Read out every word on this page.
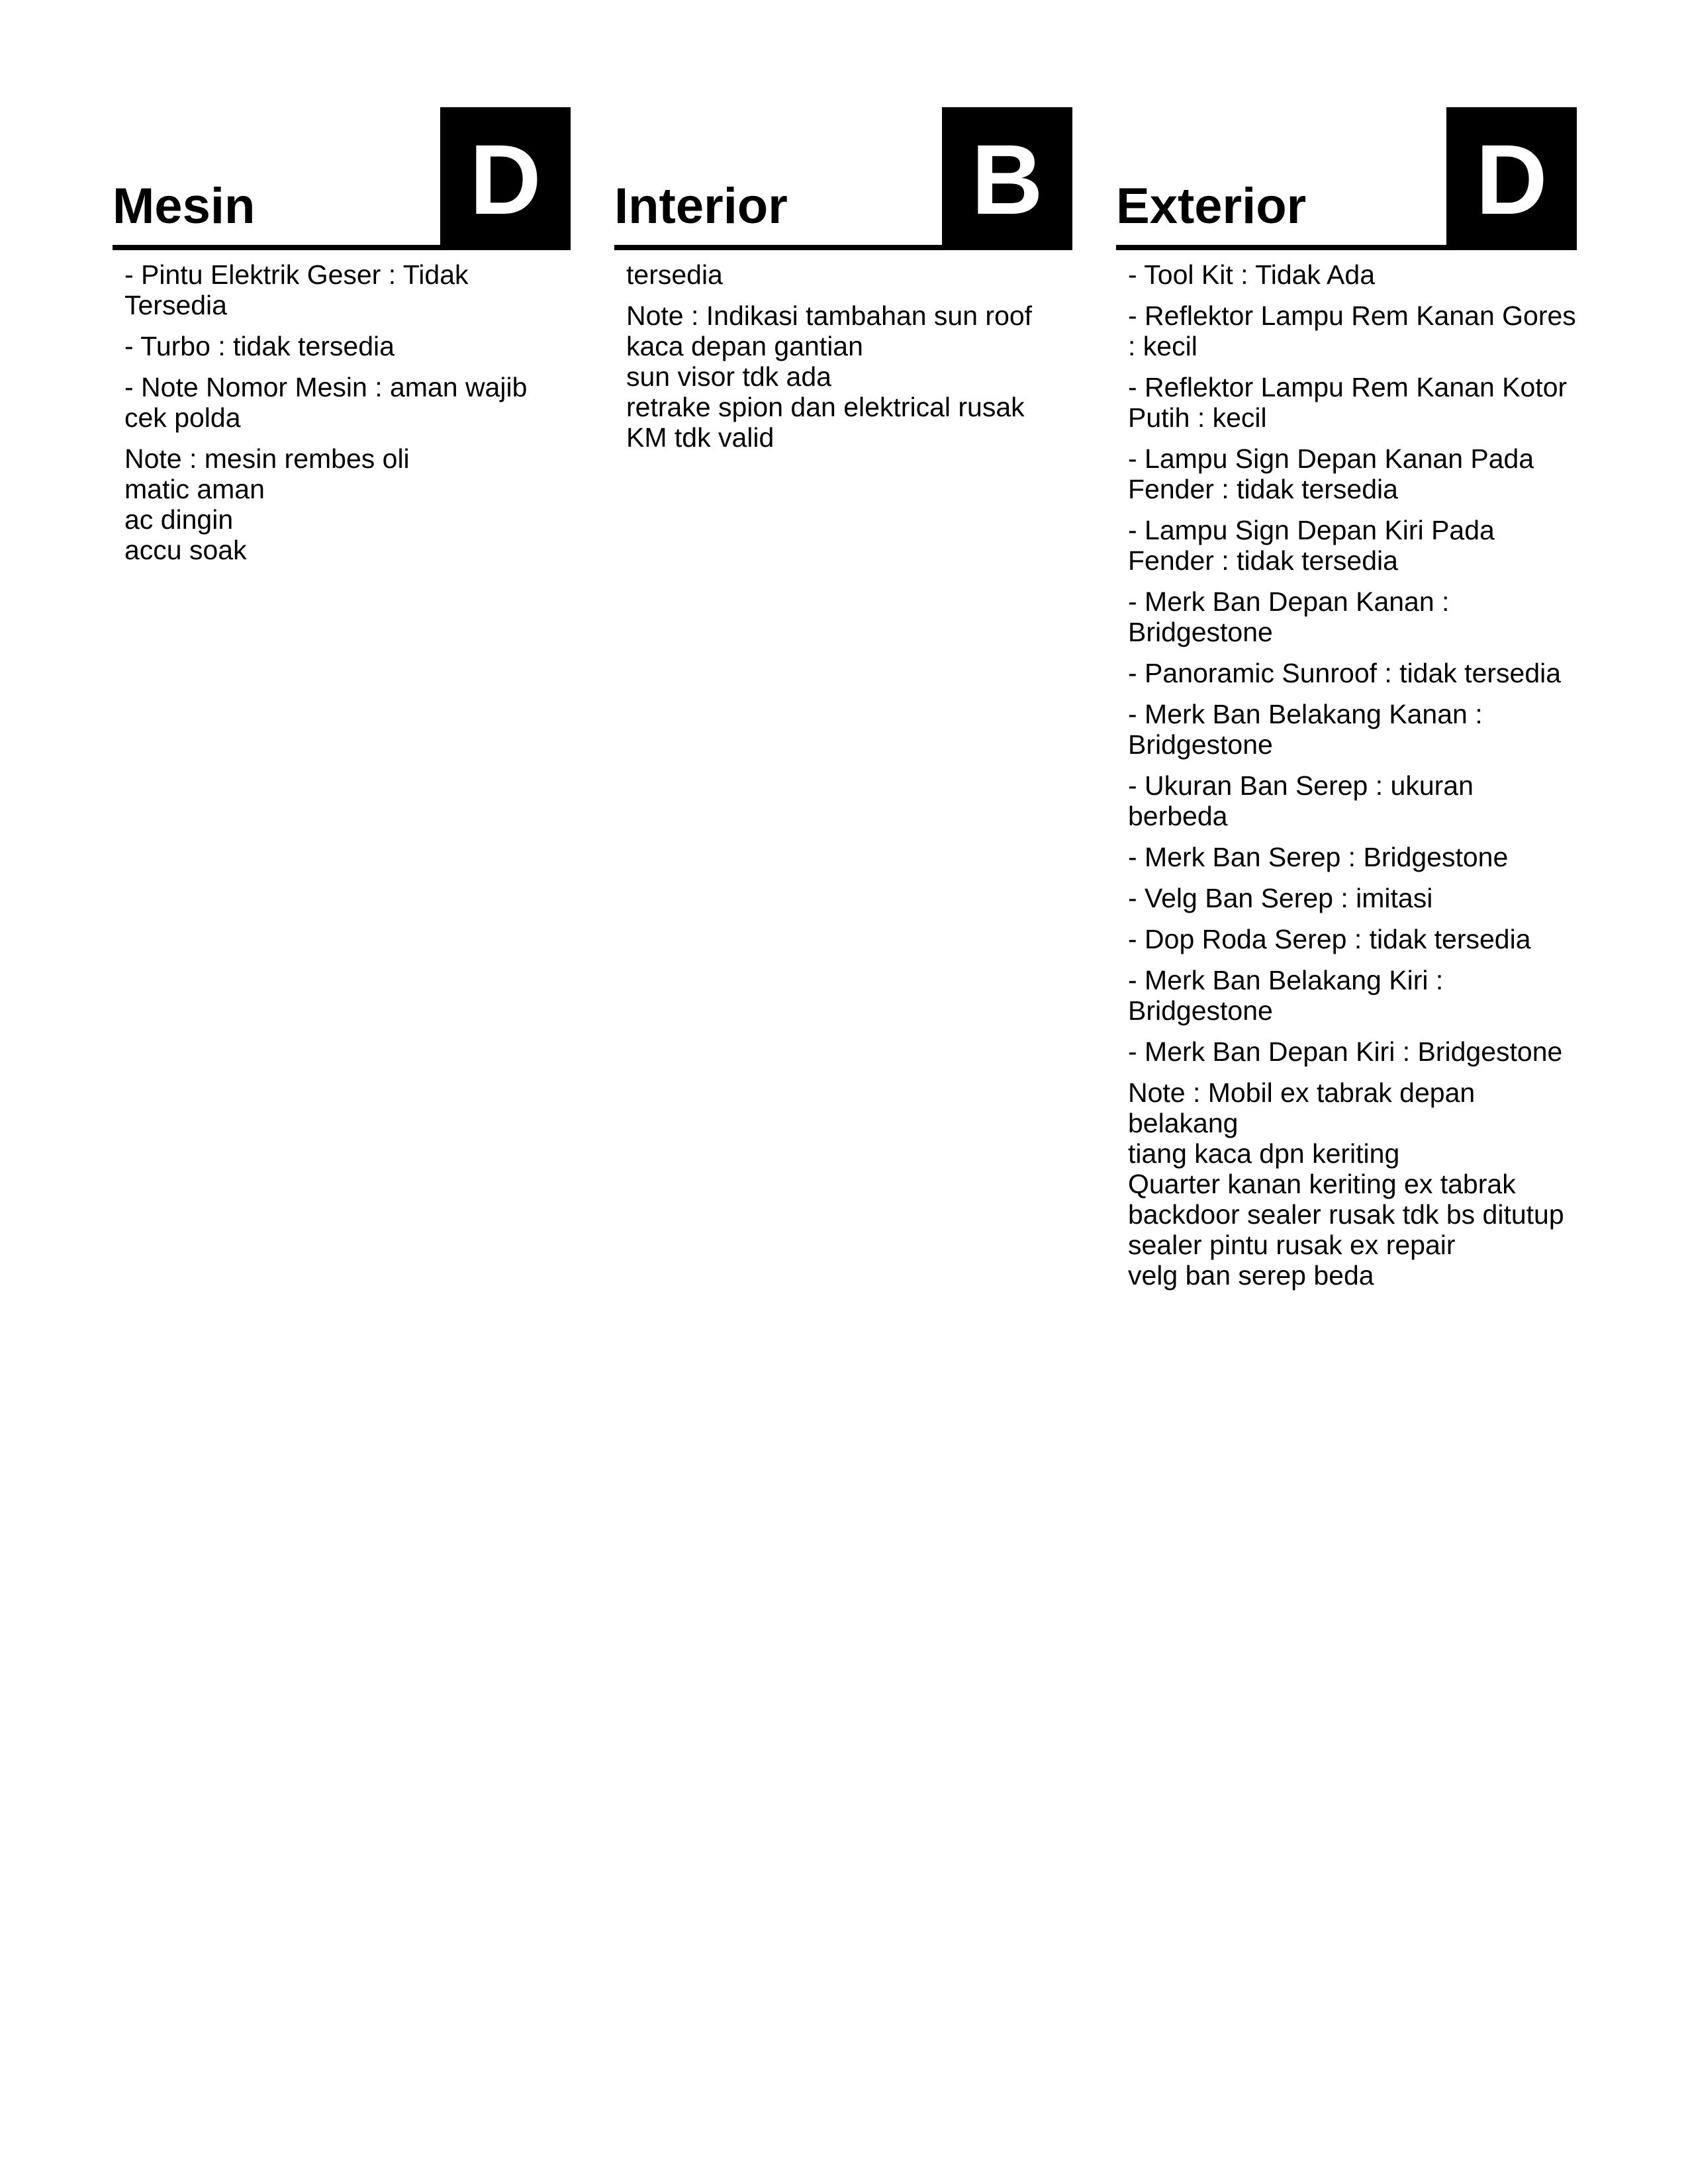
Mesin D

- Pintu Elektrik Geser : Tidak Tersedia

- Turbo : tidak tersedia

- Note Nomor Mesin : aman wajib cek polda

Note : mesin rembes oli
matic aman
ac dingin
accu soak

Interior B

tersedia

Note : Indikasi tambahan sun roof
kaca depan gantian
sun visor tdk ada
retrake spion dan elektrical rusak
KM tdk valid

Exterior D

- Tool Kit : Tidak Ada

- Reflektor Lampu Rem Kanan Gores : kecil

- Reflektor Lampu Rem Kanan Kotor Putih : kecil

- Lampu Sign Depan Kanan Pada Fender : tidak tersedia

- Lampu Sign Depan Kiri Pada Fender : tidak tersedia

- Merk Ban Depan Kanan : Bridgestone

- Panoramic Sunroof : tidak tersedia

- Merk Ban Belakang Kanan : Bridgestone

- Ukuran Ban Serep : ukuran berbeda

- Merk Ban Serep : Bridgestone

- Velg Ban Serep : imitasi

- Dop Roda Serep : tidak tersedia

- Merk Ban Belakang Kiri : Bridgestone

- Merk Ban Depan Kiri : Bridgestone

Note : Mobil ex tabrak depan belakang
tiang kaca dpn keriting
Quarter kanan keriting ex tabrak
backdoor sealer rusak tdk bs ditutup
sealer pintu rusak ex repair
velg ban serep beda
